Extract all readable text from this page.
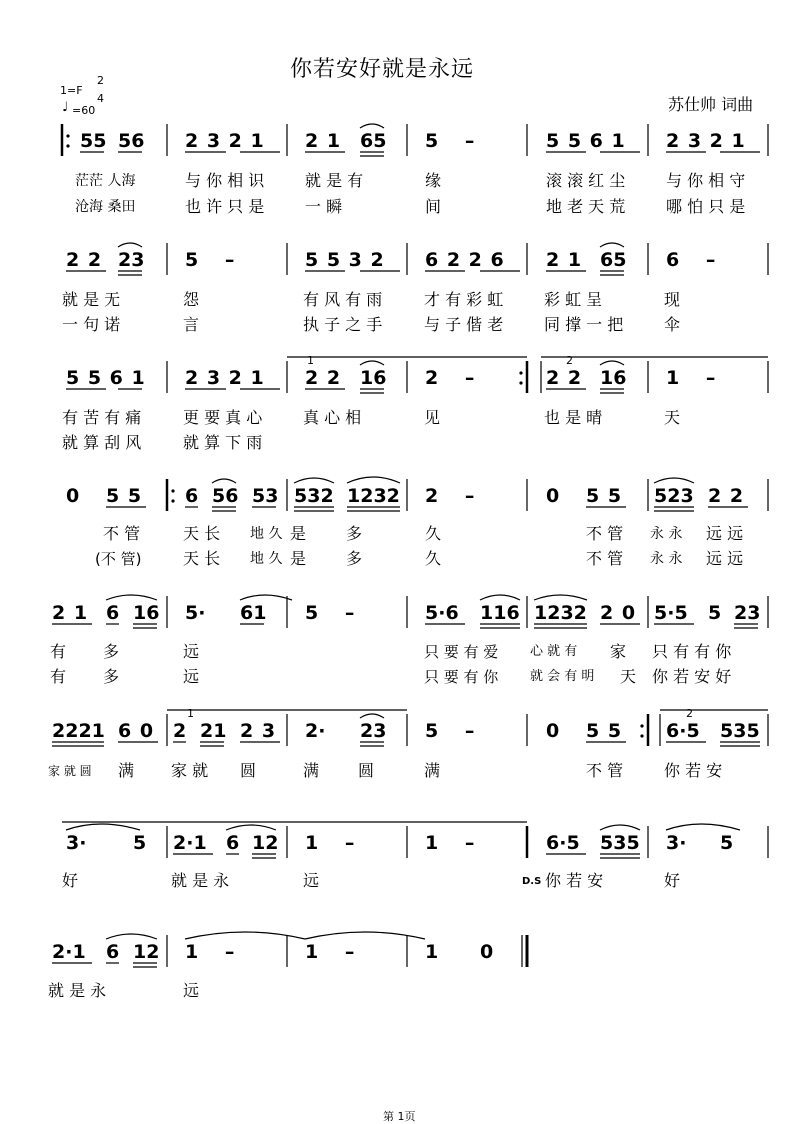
你若安好就是永远
苏仕帅 词曲
1=F
2
4
♩ =60
55 56 2 3 2 1 2 1 65 5 –	5 5 6 1 2 3 2 1
茫茫 人海	与 你 相 识	就 是 有	缘	滚 滚 红 尘	与 你 相 守
沧海 桑田	也 许 只 是	一 瞬	间	地 老 天 荒	哪 怕 只 是
2 2 23 5 –	5 5 3 2 6 2 2 6 2 1 65 6 –
就 是 无	怨	有 风 有 雨	才 有 彩 虹	彩 虹 呈	现
一 句 诺	言	执 子 之 手	与 子 偕 老	同 撑 一 把	伞
5 5 6 1 2 3 2 1 2 2 16 2 –	2 2 16 1 –
1	2
有 苦 有 痛	更 要 真 心	真 心 相	见	也 是 晴	天
就 算 刮 风	就 算 下 雨
0 5 5 6 56 53 532 1232 2 –	0 5 5 523 2 2
不 管	天 长 地 久 是 多	久	不 管 永 永 远 远
(不 管)	天 长 地 久 是 多	久	不 管 永 永 远 远
2 1 6 16 5· 61 5 –	5·6 116 1232 2 0 5·5 5 23
有 多	远	只 要 有 爱 心 就 有 家 只 有 有 你
有 多	远	只 要 有 你 就 会 有 明 天 你 若 安 好
2221 6 0 2 21 2 3 2· 23 5 –	0 5 5 6·5 535
1	2
家 就 圆 满 家 就 圆	满 圆	满	不 管	你 若 安
3· 5 2·1 6 12 1 –	1 –	6·5 535 3· 5
好	就 是 永	远	D.S 你 若 安	好
2·1 6 12 1 –	1 –	1 0
就 是 永	远
第 1页
